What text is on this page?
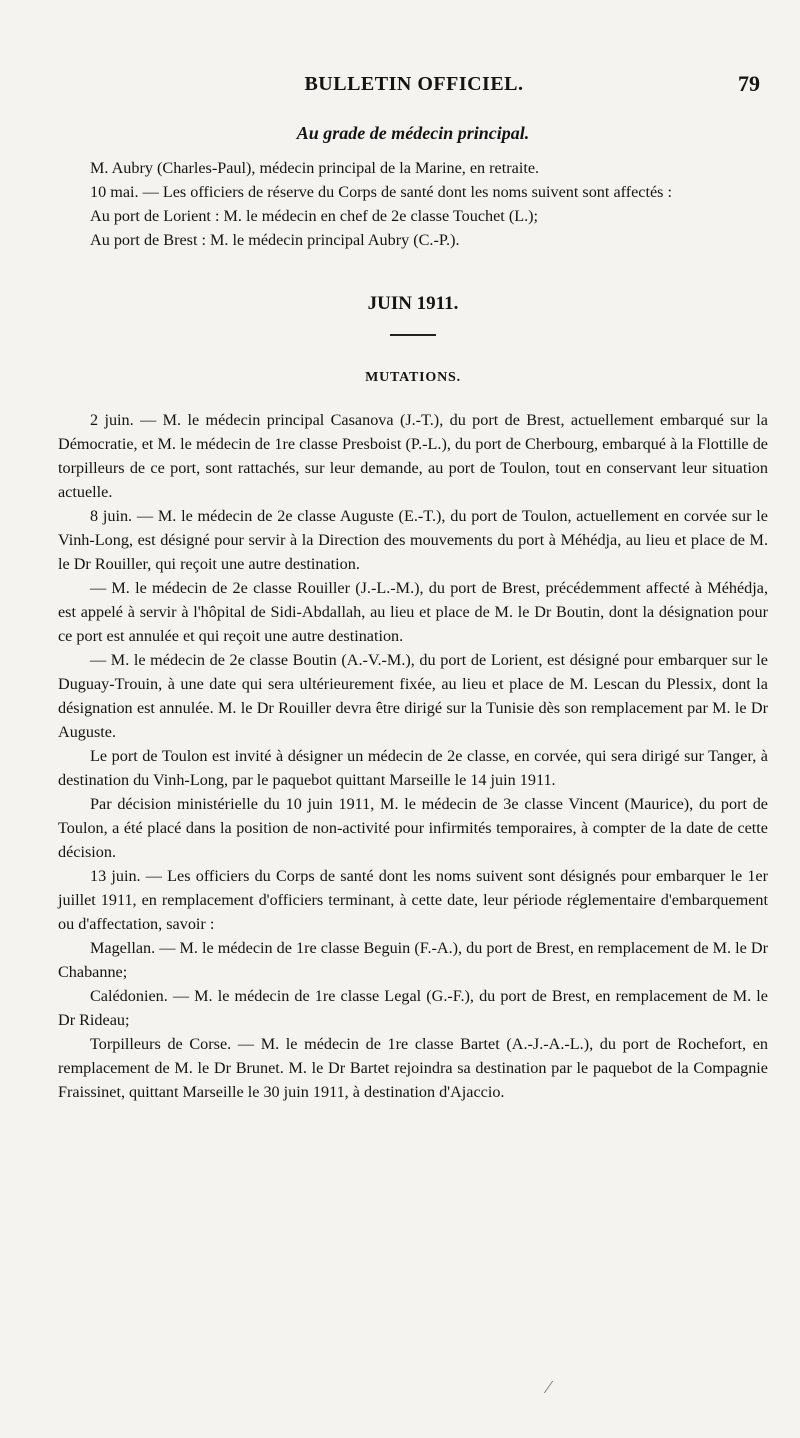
BULLETIN OFFICIEL.	79
Au grade de médecin principal.

M. Aubry (Charles-Paul), médecin principal de la Marine, en retraite.

10 mai. — Les officiers de réserve du Corps de santé dont les noms suivent sont affectés :

Au port de Lorient : M. le médecin en chef de 2e classe Touchet (L.);

Au port de Brest : M. le médecin principal Aubry (C.-P.).

JUIN 1911.
MUTATIONS.

2 juin. — M. le médecin principal Casanova (J.-T.), du port de Brest, actuellement embarqué sur la Démocratie, et M. le médecin de 1re classe Presboist (P.-L.), du port de Cherbourg, embarqué à la Flottille de torpilleurs de ce port, sont rattachés, sur leur demande, au port de Toulon, tout en conservant leur situation actuelle.

8 juin. — M. le médecin de 2e classe Auguste (E.-T.), du port de Toulon, actuellement en corvée sur le Vinh-Long, est désigné pour servir à la Direction des mouvements du port à Méhédja, au lieu et place de M. le Dr Rouiller, qui reçoit une autre destination.

— M. le médecin de 2e classe Rouiller (J.-L.-M.), du port de Brest, précédemment affecté à Méhédja, est appelé à servir à l'hôpital de Sidi-Abdallah, au lieu et place de M. le Dr Boutin, dont la désignation pour ce port est annulée et qui reçoit une autre destination.

— M. le médecin de 2e classe Boutin (A.-V.-M.), du port de Lorient, est désigné pour embarquer sur le Duguay-Trouin, à une date qui sera ultérieurement fixée, au lieu et place de M. Lescan du Plessix, dont la désignation est annulée. M. le Dr Rouiller devra être dirigé sur la Tunisie dès son remplacement par M. le Dr Auguste.

Le port de Toulon est invité à désigner un médecin de 2e classe, en corvée, qui sera dirigé sur Tanger, à destination du Vinh-Long, par le paquebot quittant Marseille le 14 juin 1911.

Par décision ministérielle du 10 juin 1911, M. le médecin de 3e classe Vincent (Maurice), du port de Toulon, a été placé dans la position de non-activité pour infirmités temporaires, à compter de la date de cette décision.

13 juin. — Les officiers du Corps de santé dont les noms suivent sont désignés pour embarquer le 1er juillet 1911, en remplacement d'officiers terminant, à cette date, leur période réglementaire d'embarquement ou d'affectation, savoir :

Magellan. — M. le médecin de 1re classe Beguin (F.-A.), du port de Brest, en remplacement de M. le Dr Chabanne;

Calédonien. — M. le médecin de 1re classe Legal (G.-F.), du port de Brest, en remplacement de M. le Dr Rideau;

Torpilleurs de Corse. — M. le médecin de 1re classe Bartet (A.-J.-A.-L.), du port de Rochefort, en remplacement de M. le Dr Brunet. M. le Dr Bartet rejoindra sa destination par le paquebot de la Compagnie Fraissinet, quittant Marseille le 30 juin 1911, à destination d'Ajaccio.

⁄
